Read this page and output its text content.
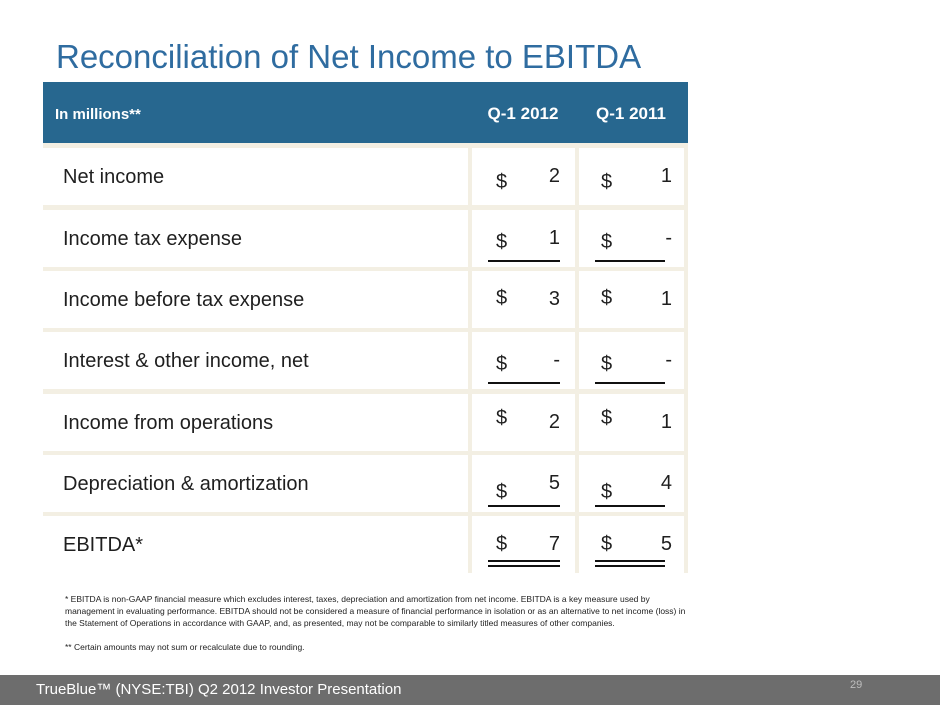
Reconciliation of Net Income to EBITDA
In millions**	Q-1 2012 Q-1 2011
Net income	$	2 $	1
Income tax expense	$	1 $	-
Income before tax expense	$	3 $	1
Interest & other income, net	$	- $	-
Income from operations	$	2 $	1
Depreciation & amortization	$	5 $	4
EBITDA*	$	7 $	5

* EBITDA is non-GAAP financial measure which excludes interest, taxes, depreciation and amortization from net income. EBITDA is a key measure used by management in evaluating performance. EBITDA should not be considered a measure of financial performance in isolation or as an alternative to net income (loss) in the Statement of Operations in accordance with GAAP, and, as presented, may not be comparable to similarly titled measures of other companies.

** Certain amounts may not sum or recalculate due to rounding.

TrueBlue™ (NYSE:TBI) Q2 2012 Investor Presentation	29
